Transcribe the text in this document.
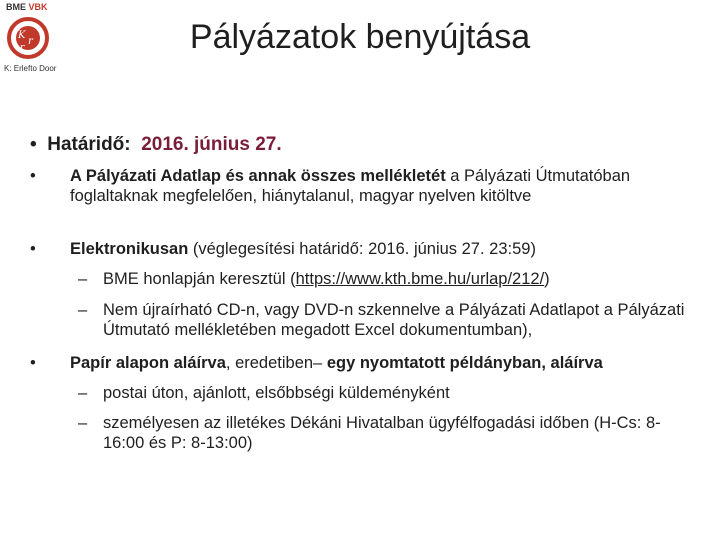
BME VBK
K
r
r
K: Erlefto Door
Pályázatok benyújtása
• Határidő: 2016. június 27.
•	A Pályázati Adatlap és annak összes mellékletét a Pályázati Útmutatóban foglaltaknak megfelelően, hiánytalanul, magyar nyelven kitöltve
•	Elektronikusan (véglegesítési határidő: 2016. június 27. 23:59)
– BME honlapján keresztül (https://www.kth.bme.hu/urlap/212/)
– Nem újraírható CD-n, vagy DVD-n szkennelve a Pályázati Adatlapot a Pályázati Útmutató mellékletében megadott Excel dokumentumban),
•	Papír alapon aláírva, eredetiben– egy nyomtatott példányban, aláírva
– postai úton, ajánlott, elsőbbségi küldeményként
– személyesen az illetékes Dékáni Hivatalban ügyfélfogadási időben (H-Cs: 8-16:00 és P: 8-13:00)
